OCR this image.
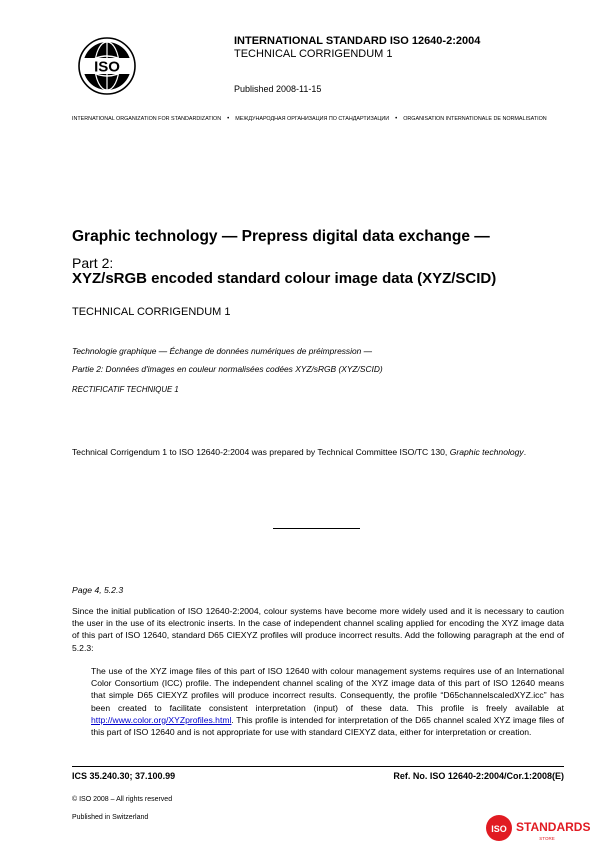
ISO
INTERNATIONAL STANDARD ISO 12640-2:2004
TECHNICAL CORRIGENDUM 1
Published 2008-11-15
INTERNATIONAL ORGANIZATION FOR STANDARDIZATION • МЕЖДУНАРОДНАЯ ОРГАНИЗАЦИЯ ПО СТАНДАРТИЗАЦИИ • ORGANISATION INTERNATIONALE DE NORMALISATION
Graphic technology — Prepress digital data exchange —
Part 2:
XYZ/sRGB encoded standard colour image data (XYZ/SCID)
TECHNICAL CORRIGENDUM 1
Technologie graphique — Échange de données numériques de préimpression —
Partie 2: Données d'images en couleur normalisées codées XYZ/sRGB (XYZ/SCID)
RECTIFICATIF TECHNIQUE 1
Technical Corrigendum 1 to ISO 12640-2:2004 was prepared by Technical Committee ISO/TC 130, Graphic technology.
Page 4, 5.2.3
Since the initial publication of ISO 12640-2:2004, colour systems have become more widely used and it is necessary to caution the user in the use of its electronic inserts. In the case of independent channel scaling applied for encoding the XYZ image data of this part of ISO 12640, standard D65 CIEXYZ profiles will produce incorrect results. Add the following paragraph at the end of 5.2.3:
The use of the XYZ image files of this part of ISO 12640 with colour management systems requires use of an International Color Consortium (ICC) profile. The independent channel scaling of the XYZ image data of this part of ISO 12640 means that simple D65 CIEXYZ profiles will produce incorrect results. Consequently, the profile “D65channelscaledXYZ.icc” has been created to facilitate consistent interpretation (input) of these data. This profile is freely available at http://www.color.org/XYZprofiles.html. This profile is intended for interpretation of the D65 channel scaled XYZ image files of this part of ISO 12640 and is not appropriate for use with standard CIEXYZ data, either for interpretation or creation.
ICS 35.240.30; 37.100.99	Ref. No. ISO 12640-2:2004/Cor.1:2008(E)
© ISO 2008 – All rights reserved
Published in Switzerland
ISO STANDARDS
STORE
